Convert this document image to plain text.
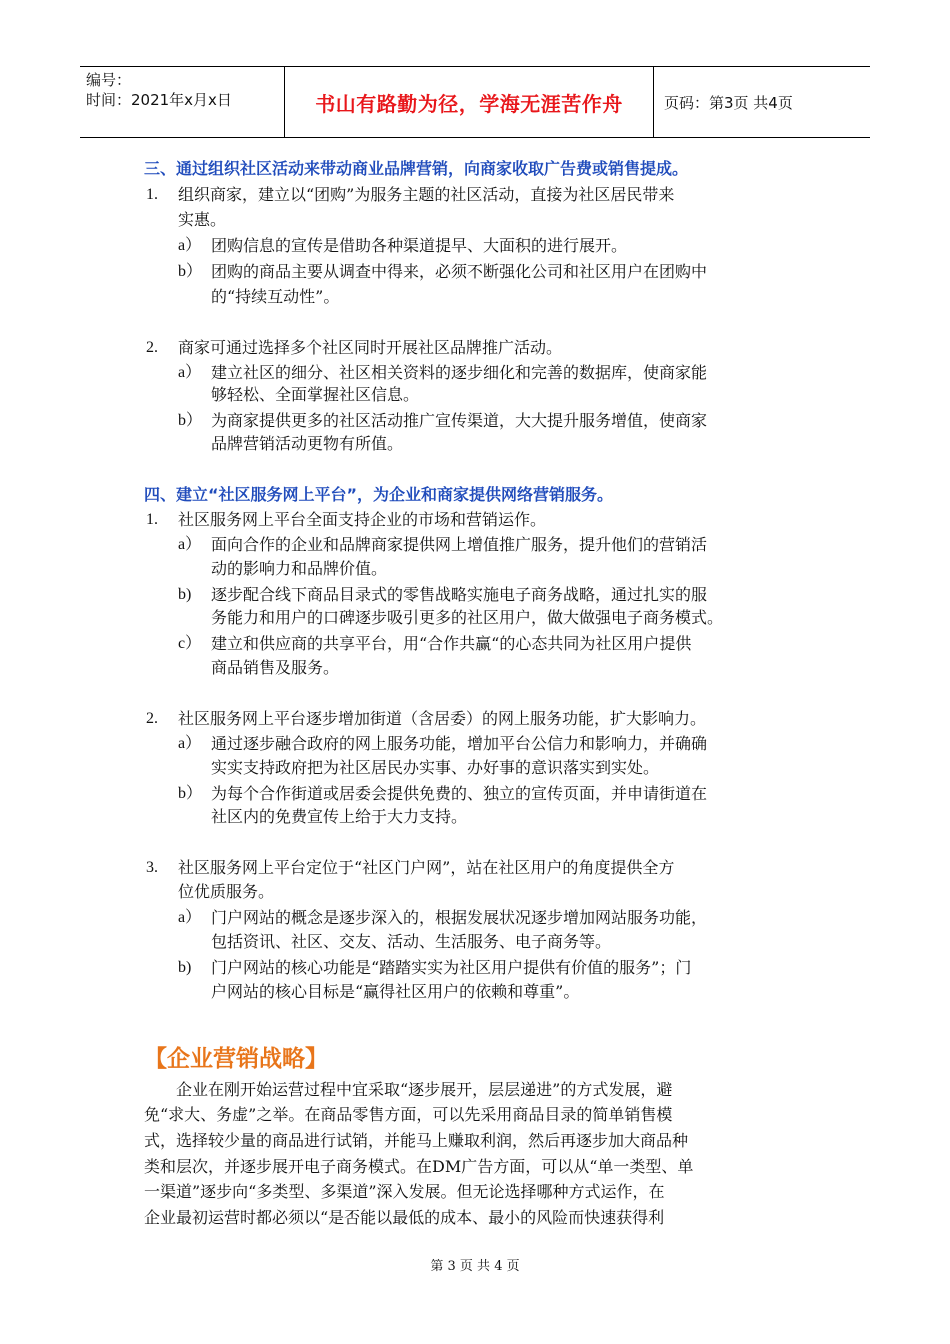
编号：
时间：2021年x月x日	书山有路勤为径，学海无涯苦作舟	页码：第3页 共4页
三、通过组织社区活动来带动商业品牌营销，向商家收取广告费或销售提成。
1. 组织商家，建立以“团购”为服务主题的社区活动，直接为社区居民带来
实惠。
a） 团购信息的宣传是借助各种渠道提早、大面积的进行展开。
b） 团购的商品主要从调查中得来，必须不断强化公司和社区用户在团购中
的“持续互动性”。
2. 商家可通过选择多个社区同时开展社区品牌推广活动。
a） 建立社区的细分、社区相关资料的逐步细化和完善的数据库，使商家能
够轻松、全面掌握社区信息。
b） 为商家提供更多的社区活动推广宣传渠道，大大提升服务增值，使商家
品牌营销活动更物有所值。
四、建立“社区服务网上平台”，为企业和商家提供网络营销服务。
1. 社区服务网上平台全面支持企业的市场和营销运作。
a） 面向合作的企业和品牌商家提供网上增值推广服务，提升他们的营销活
动的影响力和品牌价值。
b) 逐步配合线下商品目录式的零售战略实施电子商务战略，通过扎实的服
务能力和用户的口碑逐步吸引更多的社区用户，做大做强电子商务模式。
c） 建立和供应商的共享平台，用“合作共赢“的心态共同为社区用户提供
商品销售及服务。
2. 社区服务网上平台逐步增加街道（含居委）的网上服务功能，扩大影响力。
a） 通过逐步融合政府的网上服务功能，增加平台公信力和影响力，并确确
实实支持政府把为社区居民办实事、办好事的意识落实到实处。
b） 为每个合作街道或居委会提供免费的、独立的宣传页面，并申请街道在
社区内的免费宣传上给于大力支持。
3. 社区服务网上平台定位于“社区门户网”，站在社区用户的角度提供全方
位优质服务。
a） 门户网站的概念是逐步深入的，根据发展状况逐步增加网站服务功能，
包括资讯、社区、交友、活动、生活服务、电子商务等。
b) 门户网站的核心功能是“踏踏实实为社区用户提供有价值的服务”；门
户网站的核心目标是“赢得社区用户的依赖和尊重”。
【企业营销战略】
企业在刚开始运营过程中宜采取“逐步展开，层层递进”的方式发展，避
免“求大、务虚”之举。在商品零售方面，可以先采用商品目录的简单销售模
式，选择较少量的商品进行试销，并能马上赚取利润，然后再逐步加大商品种
类和层次，并逐步展开电子商务模式。在DM广告方面，可以从“单一类型、单
一渠道”逐步向“多类型、多渠道”深入发展。但无论选择哪种方式运作，在
企业最初运营时都必须以“是否能以最低的成本、最小的风险而快速获得利
第 3 页 共 4 页
